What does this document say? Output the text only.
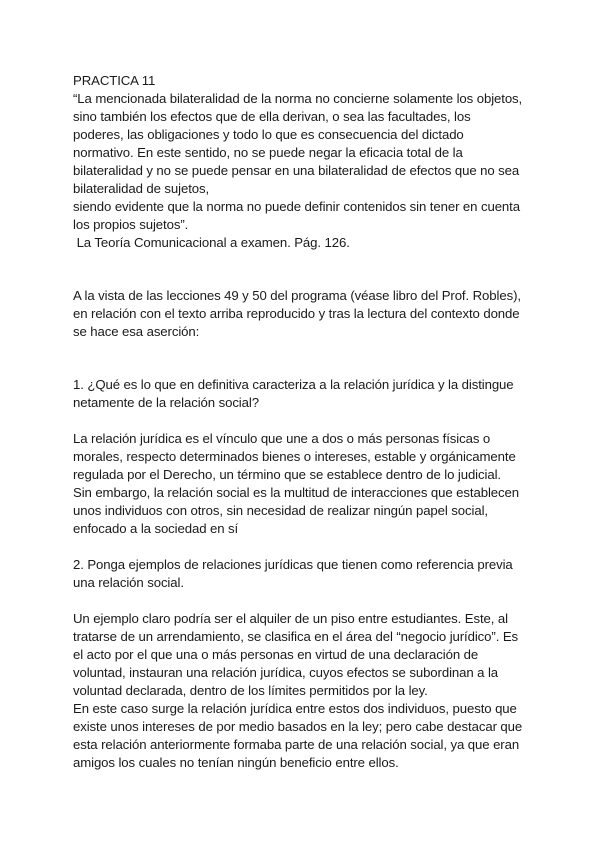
PRACTICA 11
“La mencionada bilateralidad de la norma no concierne solamente los objetos,
sino también los efectos que de ella derivan, o sea las facultades, los
poderes, las obligaciones y todo lo que es consecuencia del dictado
normativo. En este sentido, no se puede negar la eficacia total de la
bilateralidad y no se puede pensar en una bilateralidad de efectos que no sea
bilateralidad de sujetos,
siendo evidente que la norma no puede definir contenidos sin tener en cuenta
los propios sujetos”.
La Teoría Comunicacional a examen. Pág. 126.
A la vista de las lecciones 49 y 50 del programa (véase libro del Prof. Robles),
en relación con el texto arriba reproducido y tras la lectura del contexto donde
se hace esa aserción:
1. ¿Qué es lo que en definitiva caracteriza a la relación jurídica y la distingue
netamente de la relación social?
La relación jurídica es el vínculo que une a dos o más personas físicas o
morales, respecto determinados bienes o intereses, estable y orgánicamente
regulada por el Derecho, un término que se establece dentro de lo judicial.
Sin embargo, la relación social es la multitud de interacciones que establecen
unos individuos con otros, sin necesidad de realizar ningún papel social,
enfocado a la sociedad en sí
2. Ponga ejemplos de relaciones jurídicas que tienen como referencia previa
una relación social.
Un ejemplo claro podría ser el alquiler de un piso entre estudiantes. Este, al
tratarse de un arrendamiento, se clasifica en el área del “negocio jurídico”. Es
el acto por el que una o más personas en virtud de una declaración de
voluntad, instauran una relación jurídica, cuyos efectos se subordinan a la
voluntad declarada, dentro de los límites permitidos por la ley.
En este caso surge la relación jurídica entre estos dos individuos, puesto que
existe unos intereses de por medio basados en la ley; pero cabe destacar que
esta relación anteriormente formaba parte de una relación social, ya que eran
amigos los cuales no tenían ningún beneficio entre ellos.
